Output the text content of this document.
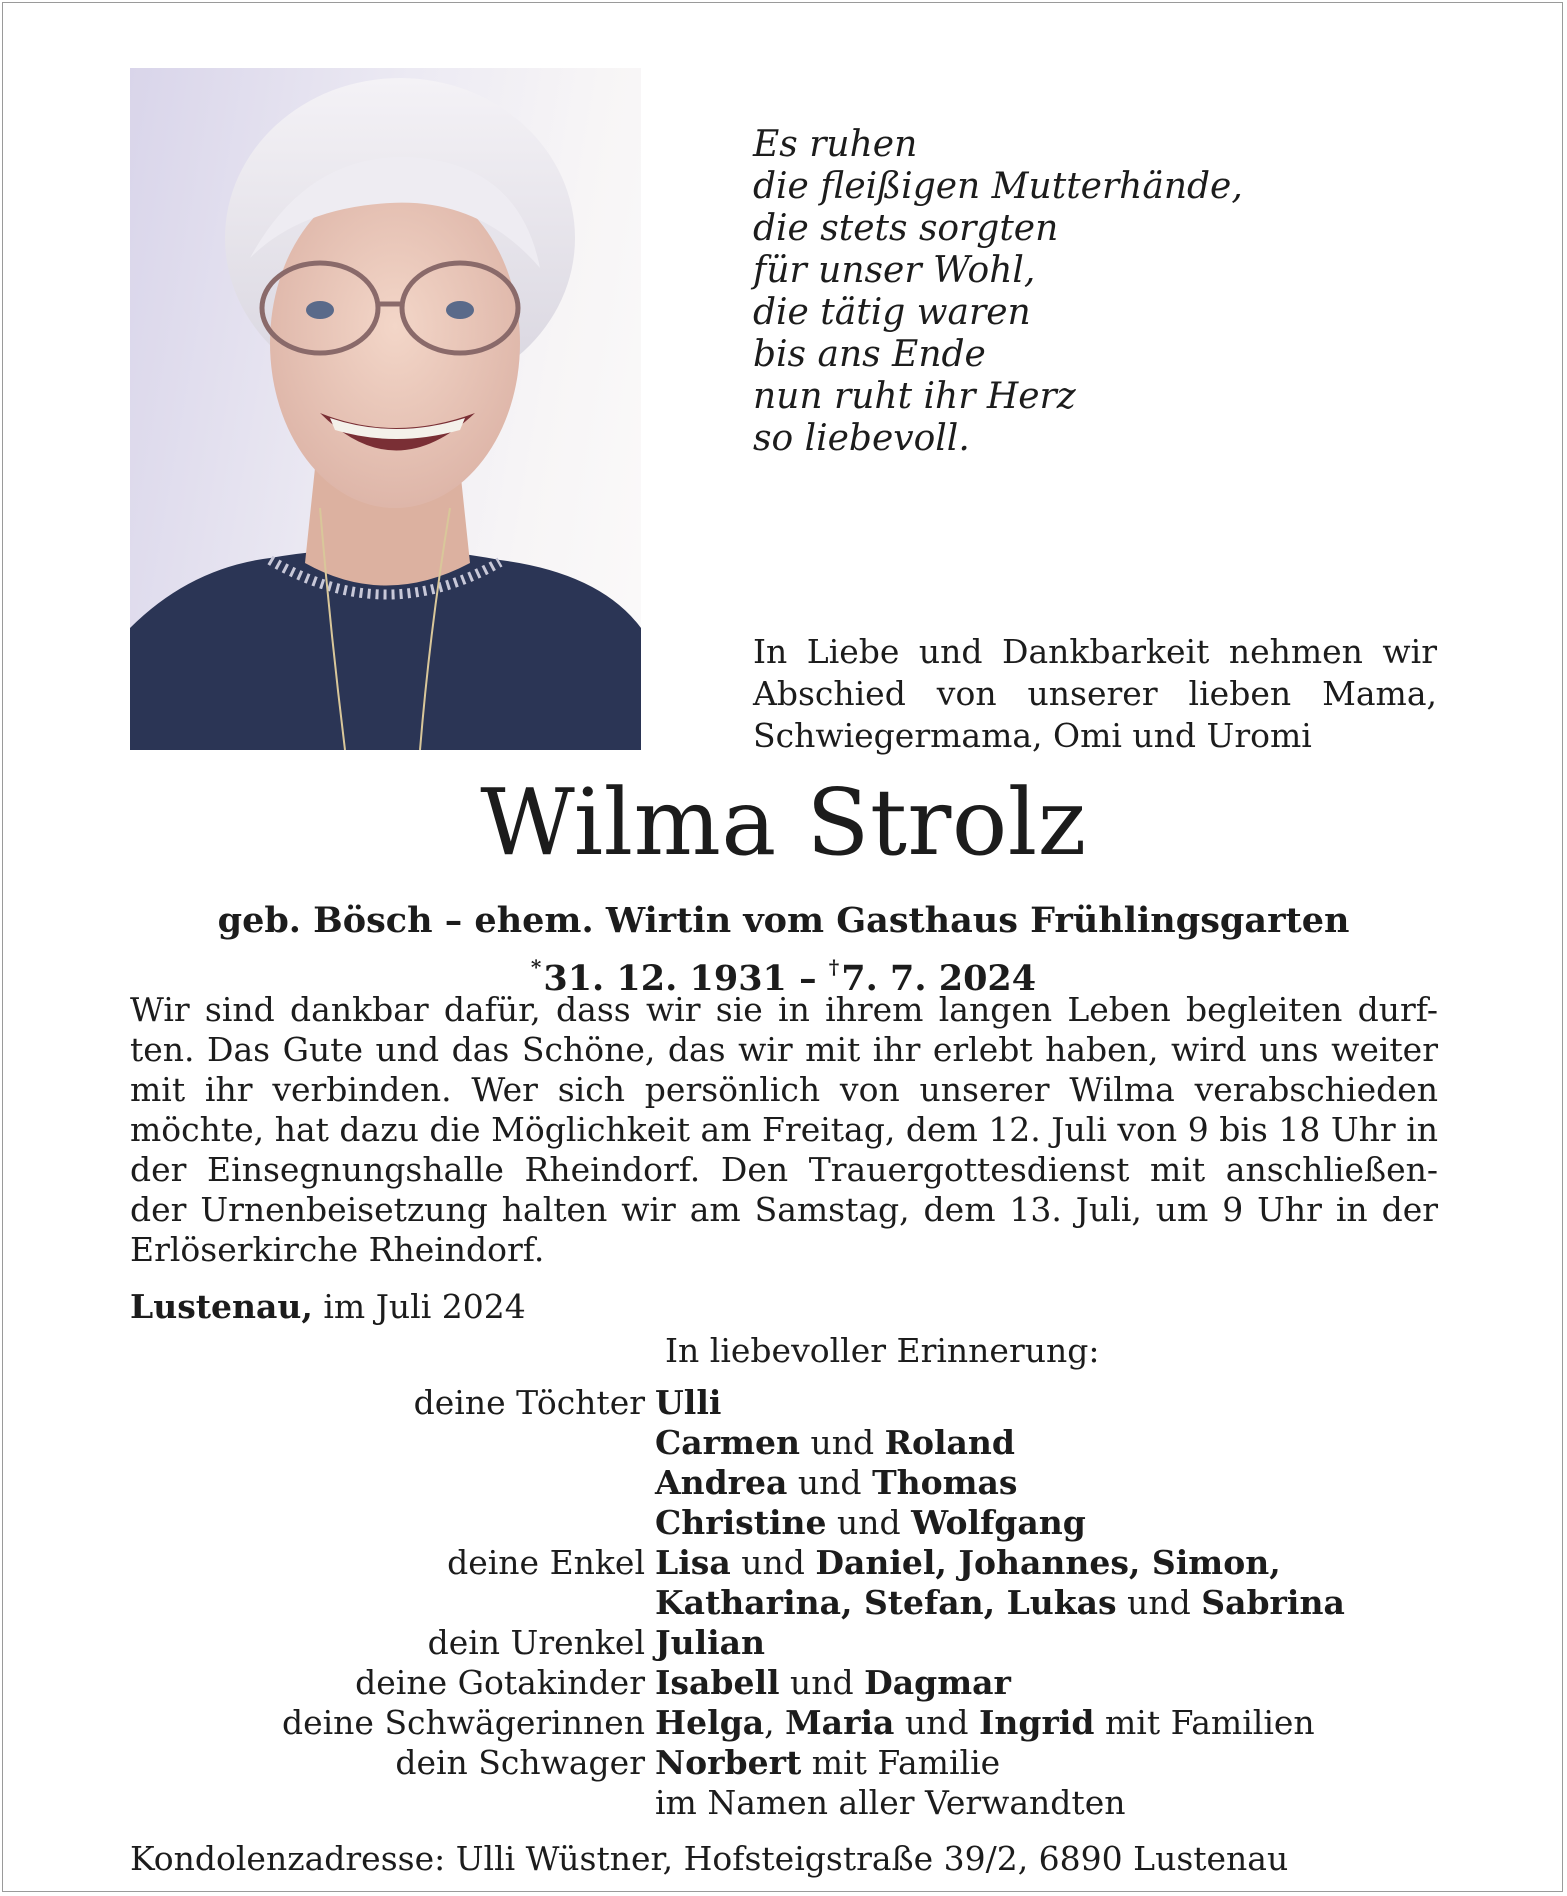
Es ruhen
die fleißigen Mutterhände,
die stets sorgten
für unser Wohl,
die tätig waren
bis ans Ende
nun ruht ihr Herz
so liebevoll.
In Liebe und Dankbarkeit nehmen wir Abschied von unserer lieben Mama, Schwiegermama, Omi und Uromi
Wilma Strolz
geb. Bösch – ehem. Wirtin vom Gasthaus Frühlingsgarten
*31. 12. 1931 – †7. 7. 2024
Wir sind dankbar dafür, dass wir sie in ihrem langen Leben begleiten durf-
ten. Das Gute und das Schöne, das wir mit ihr erlebt haben, wird uns weiter
mit ihr verbinden. Wer sich persönlich von unserer Wilma verabschieden
möchte, hat dazu die Möglichkeit am Freitag, dem 12. Juli von 9 bis 18 Uhr in
der Einsegnungshalle Rheindorf. Den Trauergottesdienst mit anschließen-
der Urnenbeisetzung halten wir am Samstag, dem 13. Juli, um 9 Uhr in der
Erlöserkirche Rheindorf.
Lustenau, im Juli 2024
In liebevoller Erinnerung:
deine Töchter Ulli
Carmen und Roland
Andrea und Thomas
Christine und Wolfgang
deine Enkel Lisa und Daniel, Johannes, Simon,
Katharina, Stefan, Lukas und Sabrina
dein Urenkel Julian
deine Gotakinder Isabell und Dagmar
deine Schwägerinnen Helga, Maria und Ingrid mit Familien
dein Schwager Norbert mit Familie
im Namen aller Verwandten
Kondolenzadresse: Ulli Wüstner, Hofsteigstraße 39/2, 6890 Lustenau
